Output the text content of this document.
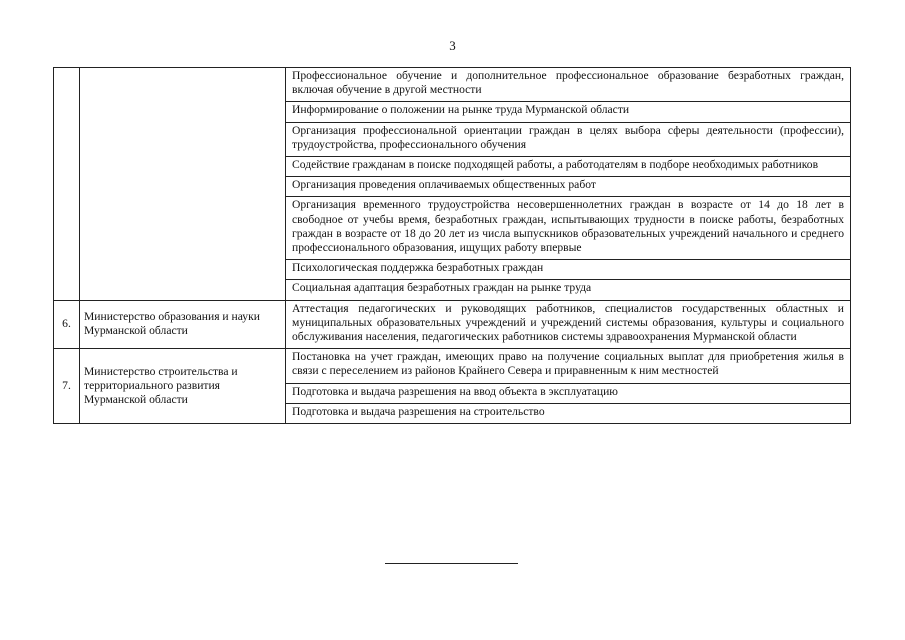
3
		Профессиональное обучение и дополнительное профессиональное образование безработных граждан, включая обучение в другой местности
		Информирование о положении на рынке труда Мурманской области
		Организация профессиональной ориентации граждан в целях выбора сферы деятельности (профессии), трудоустройства, профессионального обучения
		Содействие гражданам в поиске подходящей работы, а работодателям в подборе необходимых работников
		Организация проведения оплачиваемых общественных работ
		Организация временного трудоустройства несовершеннолетних граждан в возрасте от 14 до 18 лет в свободное от учебы время, безработных граждан, испытывающих трудности в поиске работы, безработных граждан в возрасте от 18 до 20 лет из числа выпускников образовательных учреждений начального и среднего профессионального образования, ищущих работу впервые
		Психологическая поддержка безработных граждан
		Социальная адаптация безработных граждан на рынке труда
6.	Министерство образования и науки Мурманской области	Аттестация педагогических и руководящих работников, специалистов государственных областных и муниципальных образовательных учреждений и учреждений системы образования, культуры и социального обслуживания населения, педагогических работников системы здравоохранения Мурманской области
7.	Министерство строительства и территориального развития Мурманской области	Постановка на учет граждан, имеющих право на получение социальных выплат для приобретения жилья в связи с переселением из районов Крайнего Севера и приравненным к ним местностей
		Подготовка и выдача разрешения на ввод объекта в эксплуатацию
		Подготовка и выдача разрешения на строительство
